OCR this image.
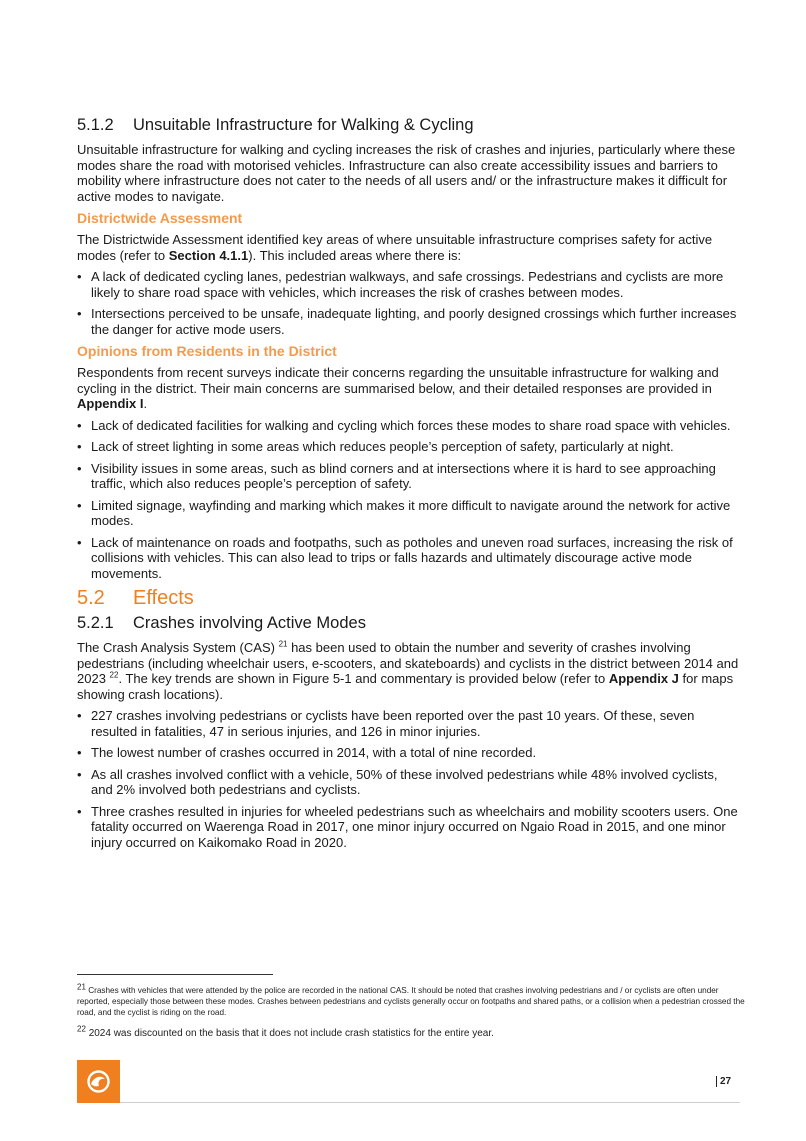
5.1.2 Unsuitable Infrastructure for Walking & Cycling

Unsuitable infrastructure for walking and cycling increases the risk of crashes and injuries, particularly where these modes share the road with motorised vehicles. Infrastructure can also create accessibility issues and barriers to mobility where infrastructure does not cater to the needs of all users and/ or the infrastructure makes it difficult for active modes to navigate.

Districtwide Assessment

The Districtwide Assessment identified key areas of where unsuitable infrastructure comprises safety for active modes (refer to Section 4.1.1). This included areas where there is:

• A lack of dedicated cycling lanes, pedestrian walkways, and safe crossings. Pedestrians and cyclists are more likely to share road space with vehicles, which increases the risk of crashes between modes.
• Intersections perceived to be unsafe, inadequate lighting, and poorly designed crossings which further increases the danger for active mode users.
Opinions from Residents in the District

Respondents from recent surveys indicate their concerns regarding the unsuitable infrastructure for walking and cycling in the district. Their main concerns are summarised below, and their detailed responses are provided in Appendix I.

• Lack of dedicated facilities for walking and cycling which forces these modes to share road space with vehicles.
• Lack of street lighting in some areas which reduces people’s perception of safety, particularly at night.
• Visibility issues in some areas, such as blind corners and at intersections where it is hard to see approaching traffic, which also reduces people’s perception of safety.
• Limited signage, wayfinding and marking which makes it more difficult to navigate around the network for active modes.
• Lack of maintenance on roads and footpaths, such as potholes and uneven road surfaces, increasing the risk of collisions with vehicles. This can also lead to trips or falls hazards and ultimately discourage active mode movements.
5.2 Effects
5.2.1 Crashes involving Active Modes

The Crash Analysis System (CAS) $^{21}$ has been used to obtain the number and severity of crashes involving pedestrians (including wheelchair users, e-scooters, and skateboards) and cyclists in the district between 2014 and 2023 $^{22}$. The key trends are shown in Figure 5-1 and commentary is provided below (refer to Appendix J for maps showing crash locations).

• 227 crashes involving pedestrians or cyclists have been reported over the past 10 years. Of these, seven resulted in fatalities, 47 in serious injuries, and 126 in minor injuries.
• The lowest number of crashes occurred in 2014, with a total of nine recorded.
• As all crashes involved conflict with a vehicle, 50% of these involved pedestrians while 48% involved cyclists, and 2% involved both pedestrians and cyclists.
• Three crashes resulted in injuries for wheeled pedestrians such as wheelchairs and mobility scooters users. One fatality occurred on Waerenga Road in 2017, one minor injury occurred on Ngaio Road in 2015, and one minor injury occurred on Kaikomako Road in 2020.

$^{21}$ Crashes with vehicles that were attended by the police are recorded in the national CAS. It should be noted that crashes involving pedestrians and / or cyclists are often under reported, especially those between these modes. Crashes between pedestrians and cyclists generally occur on footpaths and shared paths, or a collision when a pedestrian crossed the road, and the cyclist is riding on the road.

$^{22}$ 2024 was discounted on the basis that it does not include crash statistics for the entire year.

27
